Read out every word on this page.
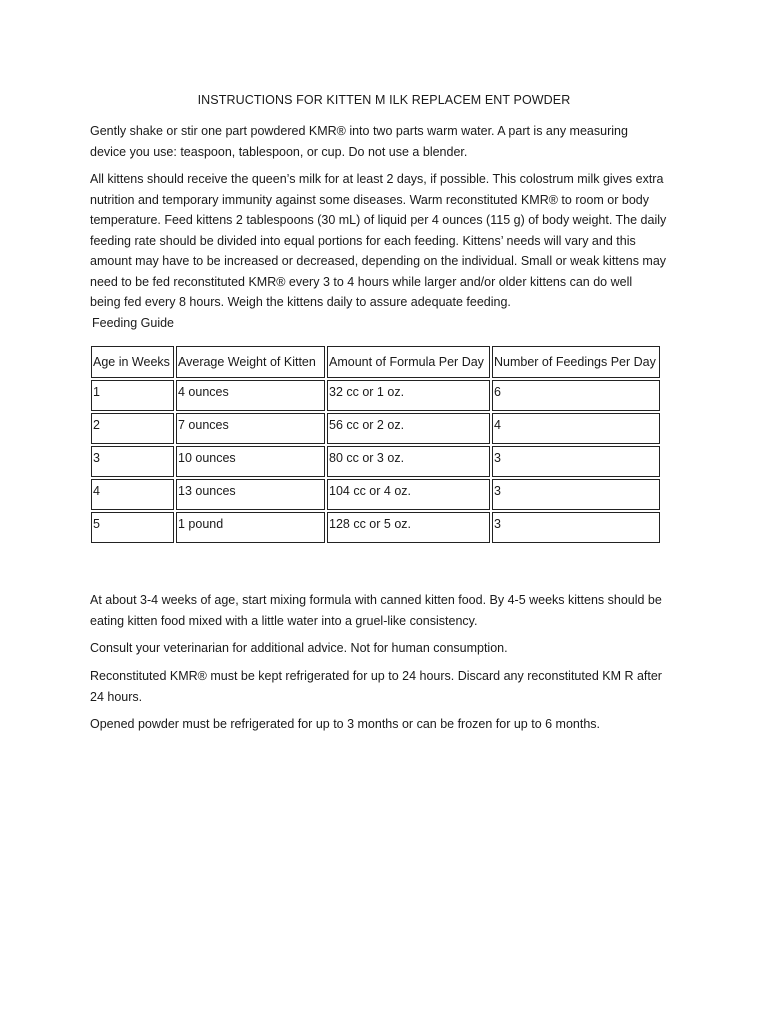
INSTRUCTIONS FOR KITTEN M ILK REPLACEM ENT POWDER

Gently shake or stir one part powdered KMR® into two parts warm water. A part is any measuring
device you use: teaspoon, tablespoon, or cup. Do not use a blender.

All kittens should receive the queen’s milk for at least 2 days, if possible. This colostrum milk gives extra
nutrition and temporary immunity against some diseases. Warm reconstituted KMR® to room or body
temperature. Feed kittens 2 tablespoons (30 mL) of liquid per 4 ounces (115 g) of body weight. The daily
feeding rate should be divided into equal portions for each feeding. Kittens’ needs will vary and this
amount may have to be increased or decreased, depending on the individual. Small or weak kittens may
need to be fed reconstituted KMR® every 3 to 4 hours while larger and/or older kittens can do well
being fed every 8 hours. Weigh the kittens daily to assure adequate feeding.

Feeding Guide
Age in Weeks	Average Weight of Kitten	Amount of Formula Per Day	Number of Feedings Per Day
1	4 ounces	32 cc or 1 oz.	6
2	7 ounces	56 cc or 2 oz.	4
3	10 ounces	80 cc or 3 oz.	3
4	13 ounces	104 cc or 4 oz.	3
5	1 pound	128 cc or 5 oz.	3

At about 3-4 weeks of age, start mixing formula with canned kitten food. By 4-5 weeks kittens should be
eating kitten food mixed with a little water into a gruel-like consistency.

Consult your veterinarian for additional advice. Not for human consumption.

Reconstituted KMR® must be kept refrigerated for up to 24 hours. Discard any reconstituted KM R after
24 hours.

Opened powder must be refrigerated for up to 3 months or can be frozen for up to 6 months.
